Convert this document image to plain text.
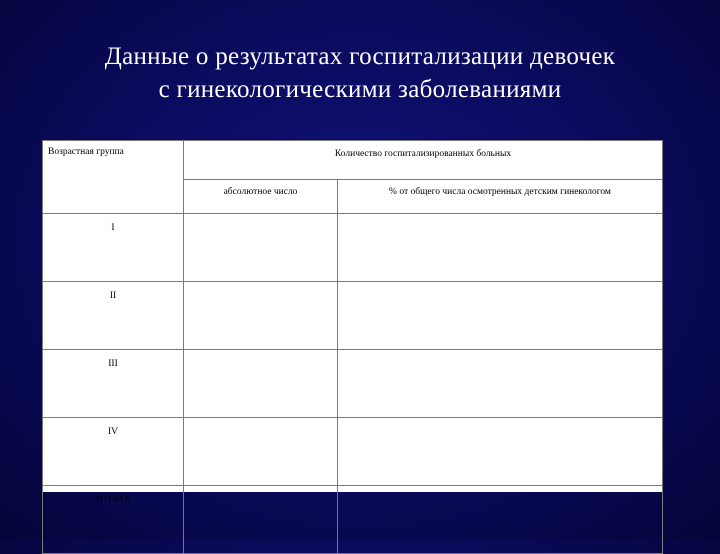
Данные о результатах госпитализации девочек
с гинекологическими заболеваниями
Возрастная группа	Количество госпитализированных больных	
	абсолютное число	% от общего числа осмотренных детским гинекологом
I		
II		
III		
IV		
ИТОГО:		
